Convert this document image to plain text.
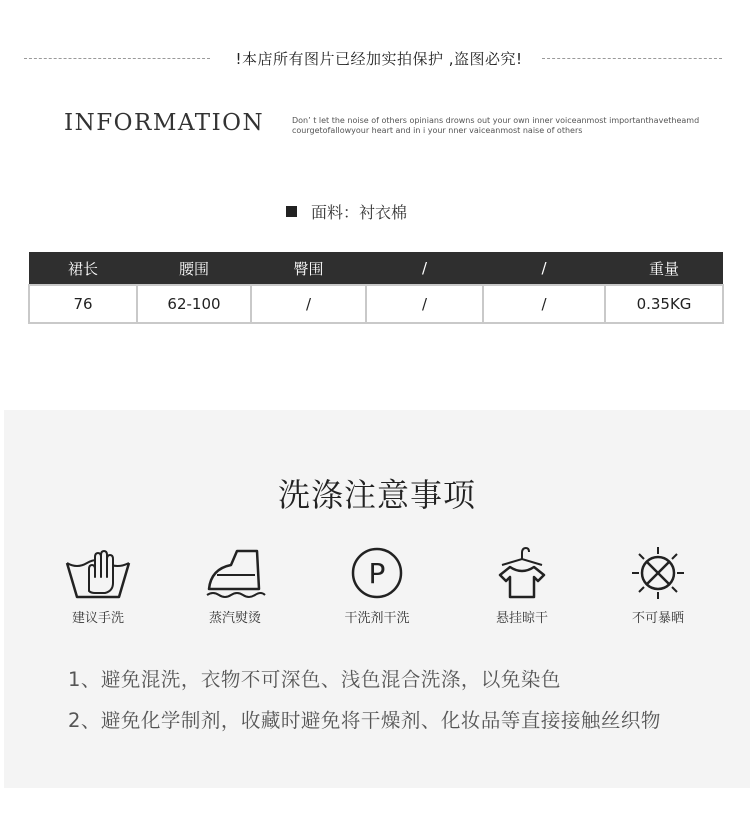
!本店所有图片已经加实拍保护 ,盗图必究!
INFORMATION	Don’ t let the noise of others opinians drowns out your own inner voiceanmost importanthavetheamd
courgetofallowyour heart and in i your nner vaiceanmost naise of others
面料：衬衣棉
裙长	腰围	臀围	/	/	重量
76	62-100	/	/	/	0.35KG
洗涤注意事项
建议手洗	蒸汽熨烫
P
干洗剂干洗	悬挂晾干	不可暴晒
1、避免混洗，衣物不可深色、浅色混合洗涤，以免染色
2、避免化学制剂，收藏时避免将干燥剂、化妆品等直接接触丝织物
